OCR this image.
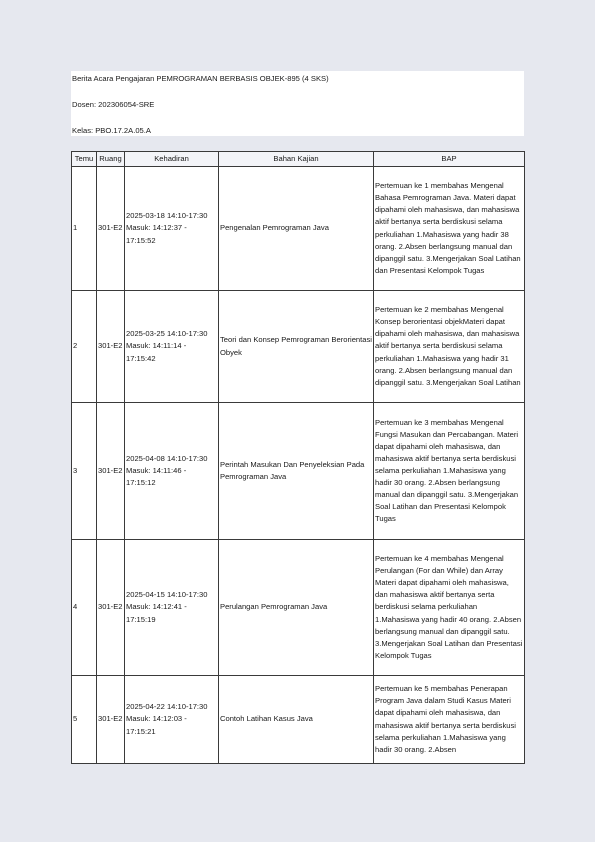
Berita Acara Pengajaran PEMROGRAMAN BERBASIS OBJEK-895 (4 SKS)
Dosen: 202306054-SRE
Kelas: PBO.17.2A.05.A
Temu	Ruang	Kehadiran	Bahan Kajian	BAP
1	301-E2	2025-03-18 14:10-17:30 Masuk: 14:12:37 - 17:15:52	Pengenalan Pemrograman Java	Pertemuan ke 1 membahas Mengenal Bahasa Pemrograman Java. Materi dapat dipahami oleh mahasiswa, dan mahasiswa aktif bertanya serta berdiskusi selama perkuliahan 1.Mahasiswa yang hadir 38 orang. 2.Absen berlangsung manual dan dipanggil satu. 3.Mengerjakan Soal Latihan dan Presentasi Kelompok Tugas
2	301-E2	2025-03-25 14:10-17:30 Masuk: 14:11:14 - 17:15:42	Teori dan Konsep Pemrograman Berorientasi Obyek	Pertemuan ke 2 membahas Mengenal Konsep berorientasi objekMateri dapat dipahami oleh mahasiswa, dan mahasiswa aktif bertanya serta berdiskusi selama perkuliahan 1.Mahasiswa yang hadir 31 orang. 2.Absen berlangsung manual dan dipanggil satu. 3.Mengerjakan Soal Latihan
3	301-E2	2025-04-08 14:10-17:30 Masuk: 14:11:46 - 17:15:12	Perintah Masukan Dan Penyeleksian Pada Pemrograman Java	Pertemuan ke 3 membahas Mengenal Fungsi Masukan dan Percabangan. Materi dapat dipahami oleh mahasiswa, dan mahasiswa aktif bertanya serta berdiskusi selama perkuliahan 1.Mahasiswa yang hadir 30 orang. 2.Absen berlangsung manual dan dipanggil satu. 3.Mengerjakan Soal Latihan dan Presentasi Kelompok Tugas
4	301-E2	2025-04-15 14:10-17:30 Masuk: 14:12:41 - 17:15:19	Perulangan Pemrograman Java	Pertemuan ke 4 membahas Mengenal Perulangan (For dan While) dan Array Materi dapat dipahami oleh mahasiswa, dan mahasiswa aktif bertanya serta berdiskusi selama perkuliahan 1.Mahasiswa yang hadir 40 orang. 2.Absen berlangsung manual dan dipanggil satu. 3.Mengerjakan Soal Latihan dan Presentasi Kelompok Tugas
5	301-E2	2025-04-22 14:10-17:30 Masuk: 14:12:03 - 17:15:21	Contoh Latihan Kasus Java	Pertemuan ke 5 membahas Penerapan Program Java dalam Studi Kasus Materi dapat dipahami oleh mahasiswa, dan mahasiswa aktif bertanya serta berdiskusi selama perkuliahan 1.Mahasiswa yang hadir 30 orang. 2.Absen
